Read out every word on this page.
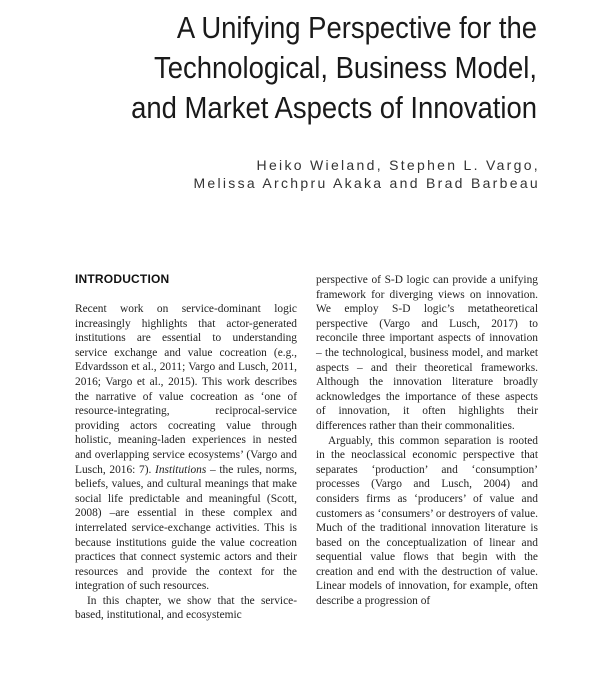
A Unifying Perspective for the
Technological, Business Model,
and Market Aspects of Innovation
Heiko Wieland, Stephen L. Vargo,
Melissa Archpru Akaka and Brad Barbeau
INTRODUCTION

Recent work on service-dominant logic increasingly highlights that actor-generated institutions are essential to understanding service exchange and value cocreation (e.g., Edvardsson et al., 2011; Vargo and Lusch, 2011, 2016; Vargo et al., 2015). This work describes the narrative of value cocreation as ‘one of resource-integrating, reciprocal-service providing actors cocreating value through holistic, meaning-laden experiences in nested and overlapping service ecosystems’ (Vargo and Lusch, 2016: 7). Institutions – the rules, norms, beliefs, values, and cultural meanings that make social life predictable and meaningful (Scott, 2008) –are essential in these complex and interrelated service-exchange activities. This is because institutions guide the value cocreation practices that connect systemic actors and their resources and provide the context for the integration of such resources.

In this chapter, we show that the service-based, institutional, and ecosystemic

perspective of S-D logic can provide a unifying framework for diverging views on innovation. We employ S-D logic’s metatheoretical perspective (Vargo and Lusch, 2017) to reconcile three important aspects of innovation – the technological, business model, and market aspects – and their theoretical frameworks. Although the innovation literature broadly acknowledges the importance of these aspects of innovation, it often highlights their differences rather than their commonalities.

Arguably, this common separation is rooted in the neoclassical economic perspective that separates ‘production’ and ‘consumption’ processes (Vargo and Lusch, 2004) and considers firms as ‘producers’ of value and customers as ‘consumers’ or destroyers of value. Much of the traditional innovation literature is based on the conceptualization of linear and sequential value flows that begin with the creation and end with the destruction of value. Linear models of innovation, for example, often describe a progression of
